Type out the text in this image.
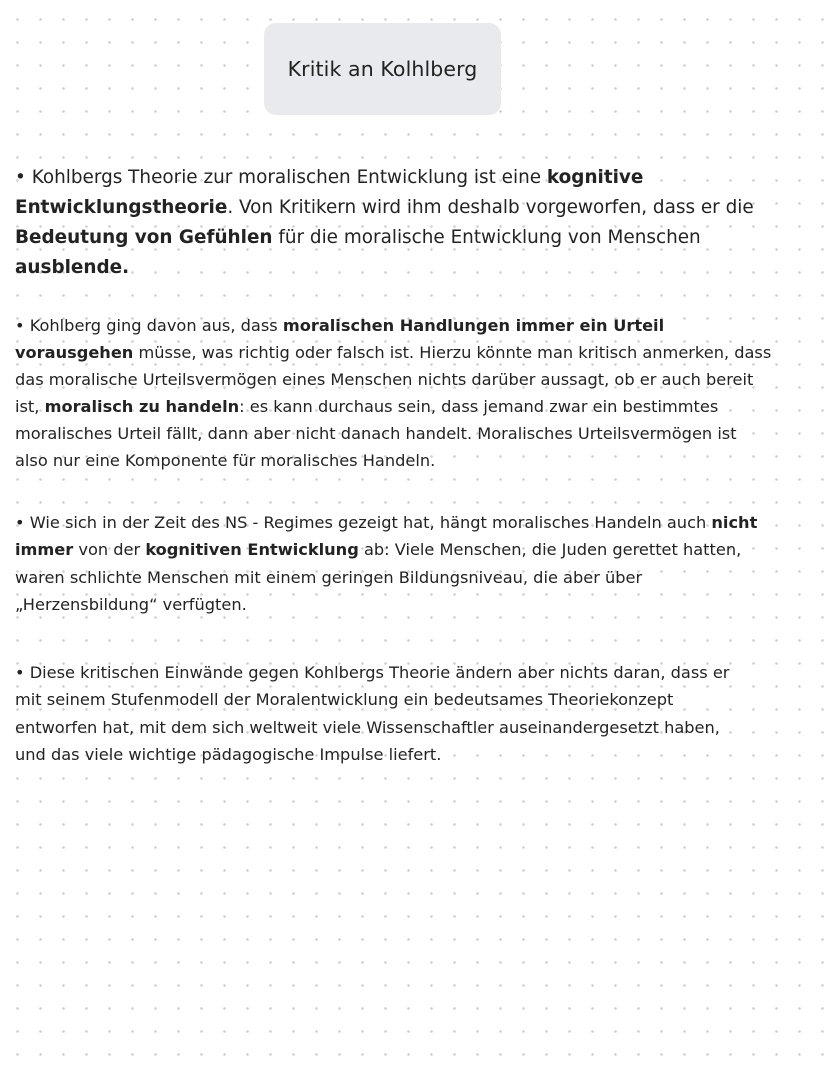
Kritik an Kolhlberg
• Kohlbergs Theorie zur moralischen Entwicklung ist eine kognitive
Entwicklungstheorie. Von Kritikern wird ihm deshalb vorgeworfen, dass er die
Bedeutung von Gefühlen für die moralische Entwicklung von Menschen
ausblende.
• Kohlberg ging davon aus, dass moralischen Handlungen immer ein Urteil
vorausgehen müsse, was richtig oder falsch ist. Hierzu könnte man kritisch anmerken, dass
das moralische Urteilsvermögen eines Menschen nichts darüber aussagt, ob er auch bereit
ist, moralisch zu handeln: es kann durchaus sein, dass jemand zwar ein bestimmtes
moralisches Urteil fällt, dann aber nicht danach handelt. Moralisches Urteilsvermögen ist
also nur eine Komponente für moralisches Handeln.
• Wie sich in der Zeit des NS - Regimes gezeigt hat, hängt moralisches Handeln auch nicht
immer von der kognitiven Entwicklung ab: Viele Menschen, die Juden gerettet hatten,
waren schlichte Menschen mit einem geringen Bildungsniveau, die aber über
„Herzensbildung“ verfügten.
• Diese kritischen Einwände gegen Kohlbergs Theorie ändern aber nichts daran, dass er
mit seinem Stufenmodell der Moralentwicklung ein bedeutsames Theoriekonzept
entworfen hat, mit dem sich weltweit viele Wissenschaftler auseinandergesetzt haben,
und das viele wichtige pädagogische Impulse liefert.
